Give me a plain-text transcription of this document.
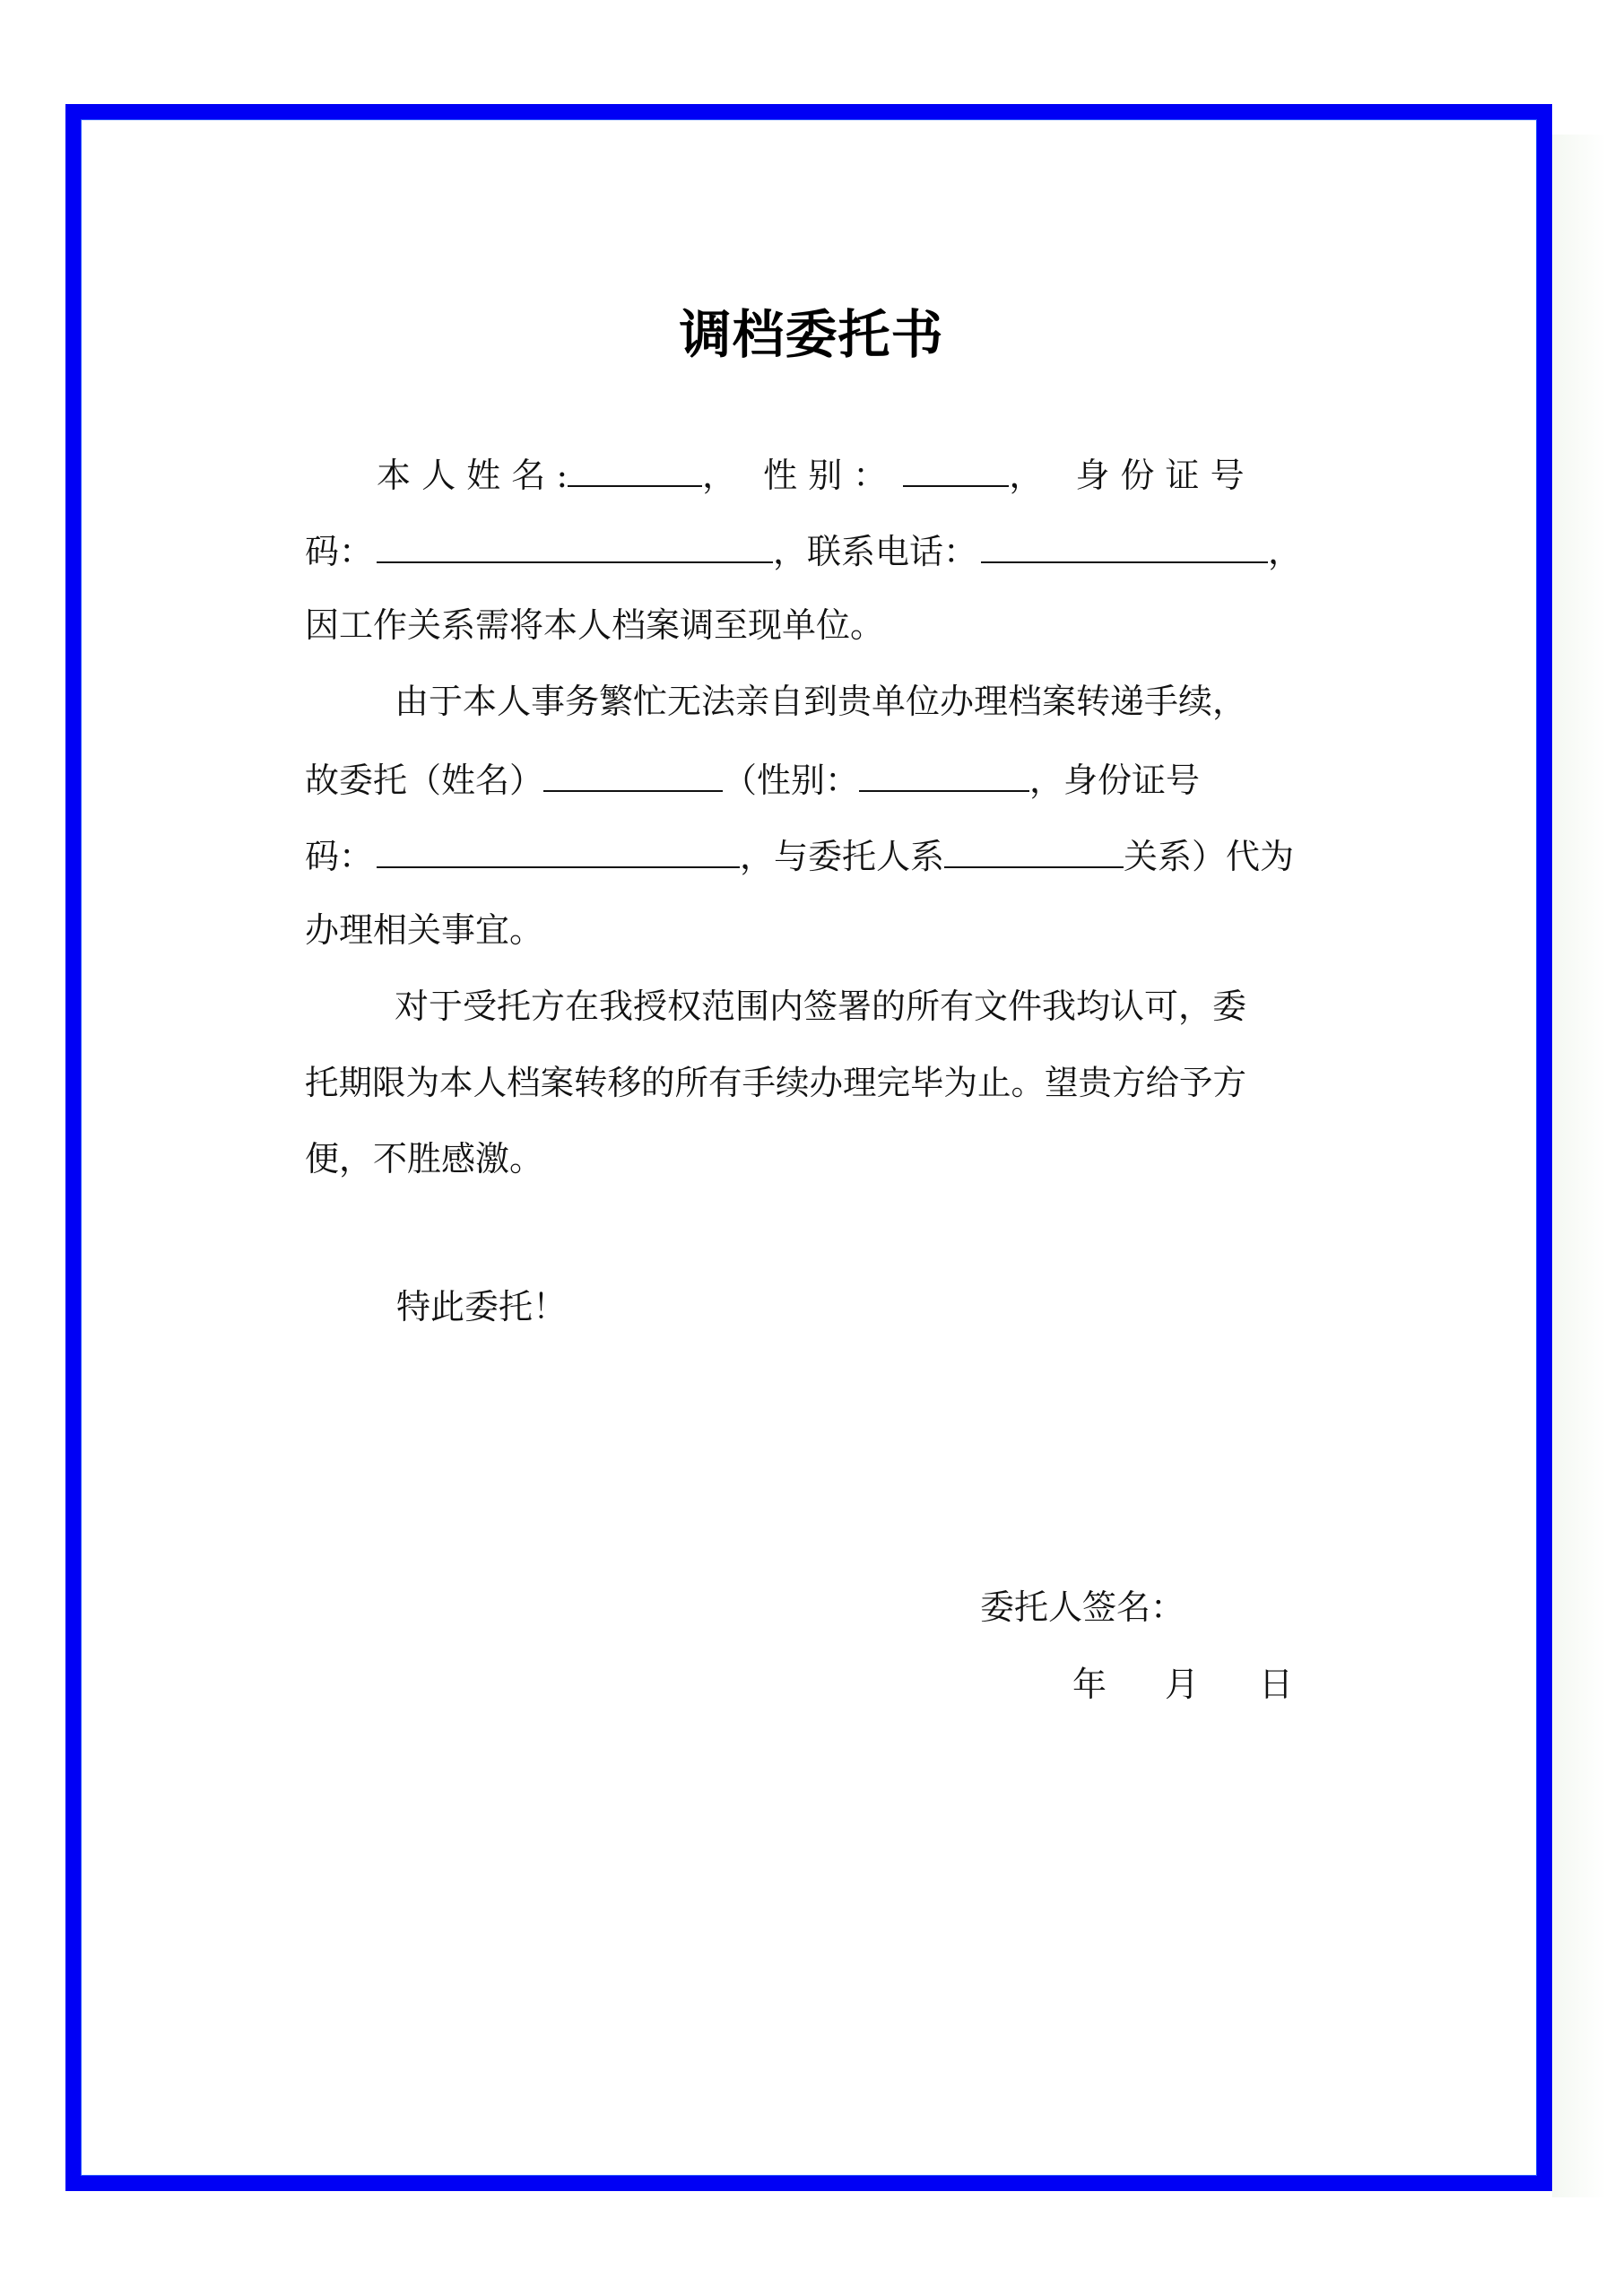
调档委托书
本 人 姓 名 :	， 性 别 ：	， 身 份 证 号
码：	，联系电话：	，
因工作关系需将本人档案调至现单位。
由于本人事务繁忙无法亲自到贵单位办理档案转递手续，
故委托（姓名）	（性别：	，身份证号
码：	，与委托人系	关系）代为
办理相关事宜。
对于受托方在我授权范围内签署的所有文件我均认可，委
托期限为本人档案转移的所有手续办理完毕为止。望贵方给予方
便，不胜感激。
特此委托！
委托人签名：
年 月 日
